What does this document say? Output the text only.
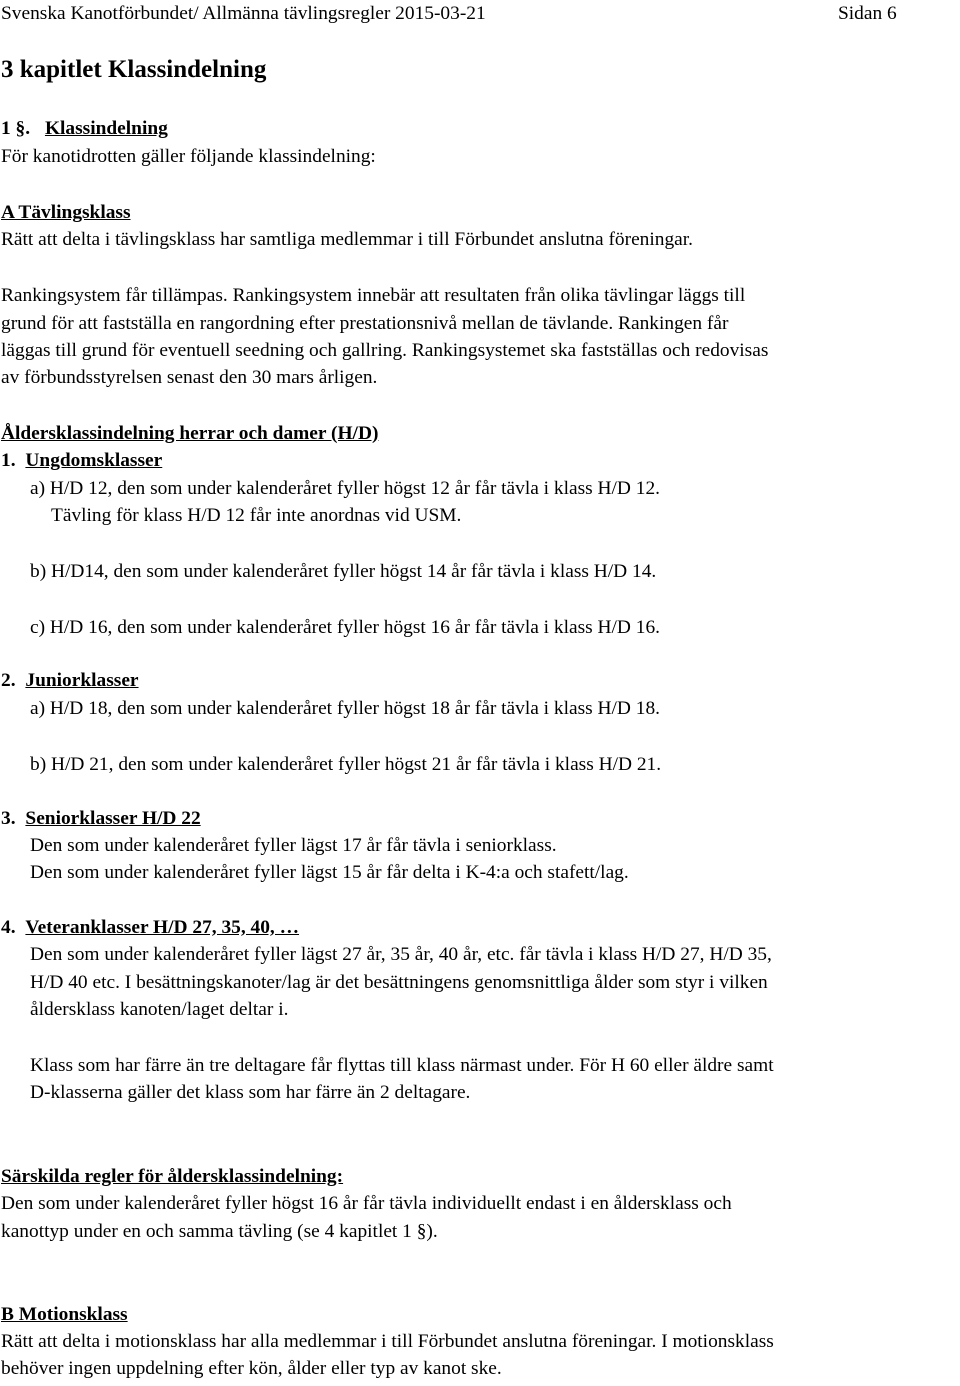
Svenska Kanotförbundet/ Allmänna tävlingsregler 2015-03-21	Sidan 6
3 kapitlet Klassindelning
1 §. Klassindelning
För kanotidrotten gäller följande klassindelning:
A Tävlingsklass
Rätt att delta i tävlingsklass har samtliga medlemmar i till Förbundet anslutna föreningar.
Rankingsystem får tillämpas. Rankingsystem innebär att resultaten från olika tävlingar läggs till
grund för att fastställa en rangordning efter prestationsnivå mellan de tävlande. Rankingen får
läggas till grund för eventuell seedning och gallring. Rankingsystemet ska fastställas och redovisas
av förbundsstyrelsen senast den 30 mars årligen.
Åldersklassindelning herrar och damer (H/D)
1. Ungdomsklasser
a) H/D 12, den som under kalenderåret fyller högst 12 år får tävla i klass H/D 12.
Tävling för klass H/D 12 får inte anordnas vid USM.
b) H/D14, den som under kalenderåret fyller högst 14 år får tävla i klass H/D 14.
c) H/D 16, den som under kalenderåret fyller högst 16 år får tävla i klass H/D 16.
2. Juniorklasser
a) H/D 18, den som under kalenderåret fyller högst 18 år får tävla i klass H/D 18.
b) H/D 21, den som under kalenderåret fyller högst 21 år får tävla i klass H/D 21.
3. Seniorklasser H/D 22
Den som under kalenderåret fyller lägst 17 år får tävla i seniorklass.
Den som under kalenderåret fyller lägst 15 år får delta i K-4:a och stafett/lag.
4. Veteranklasser H/D 27, 35, 40, …
Den som under kalenderåret fyller lägst 27 år, 35 år, 40 år, etc. får tävla i klass H/D 27, H/D 35,
H/D 40 etc. I besättningskanoter/lag är det besättningens genomsnittliga ålder som styr i vilken
åldersklass kanoten/laget deltar i.
Klass som har färre än tre deltagare får flyttas till klass närmast under. För H 60 eller äldre samt
D-klasserna gäller det klass som har färre än 2 deltagare.
Särskilda regler för åldersklassindelning:
Den som under kalenderåret fyller högst 16 år får tävla individuellt endast i en åldersklass och
kanottyp under en och samma tävling (se 4 kapitlet 1 §).
B Motionsklass
Rätt att delta i motionsklass har alla medlemmar i till Förbundet anslutna föreningar. I motionsklass
behöver ingen uppdelning efter kön, ålder eller typ av kanot ske.
